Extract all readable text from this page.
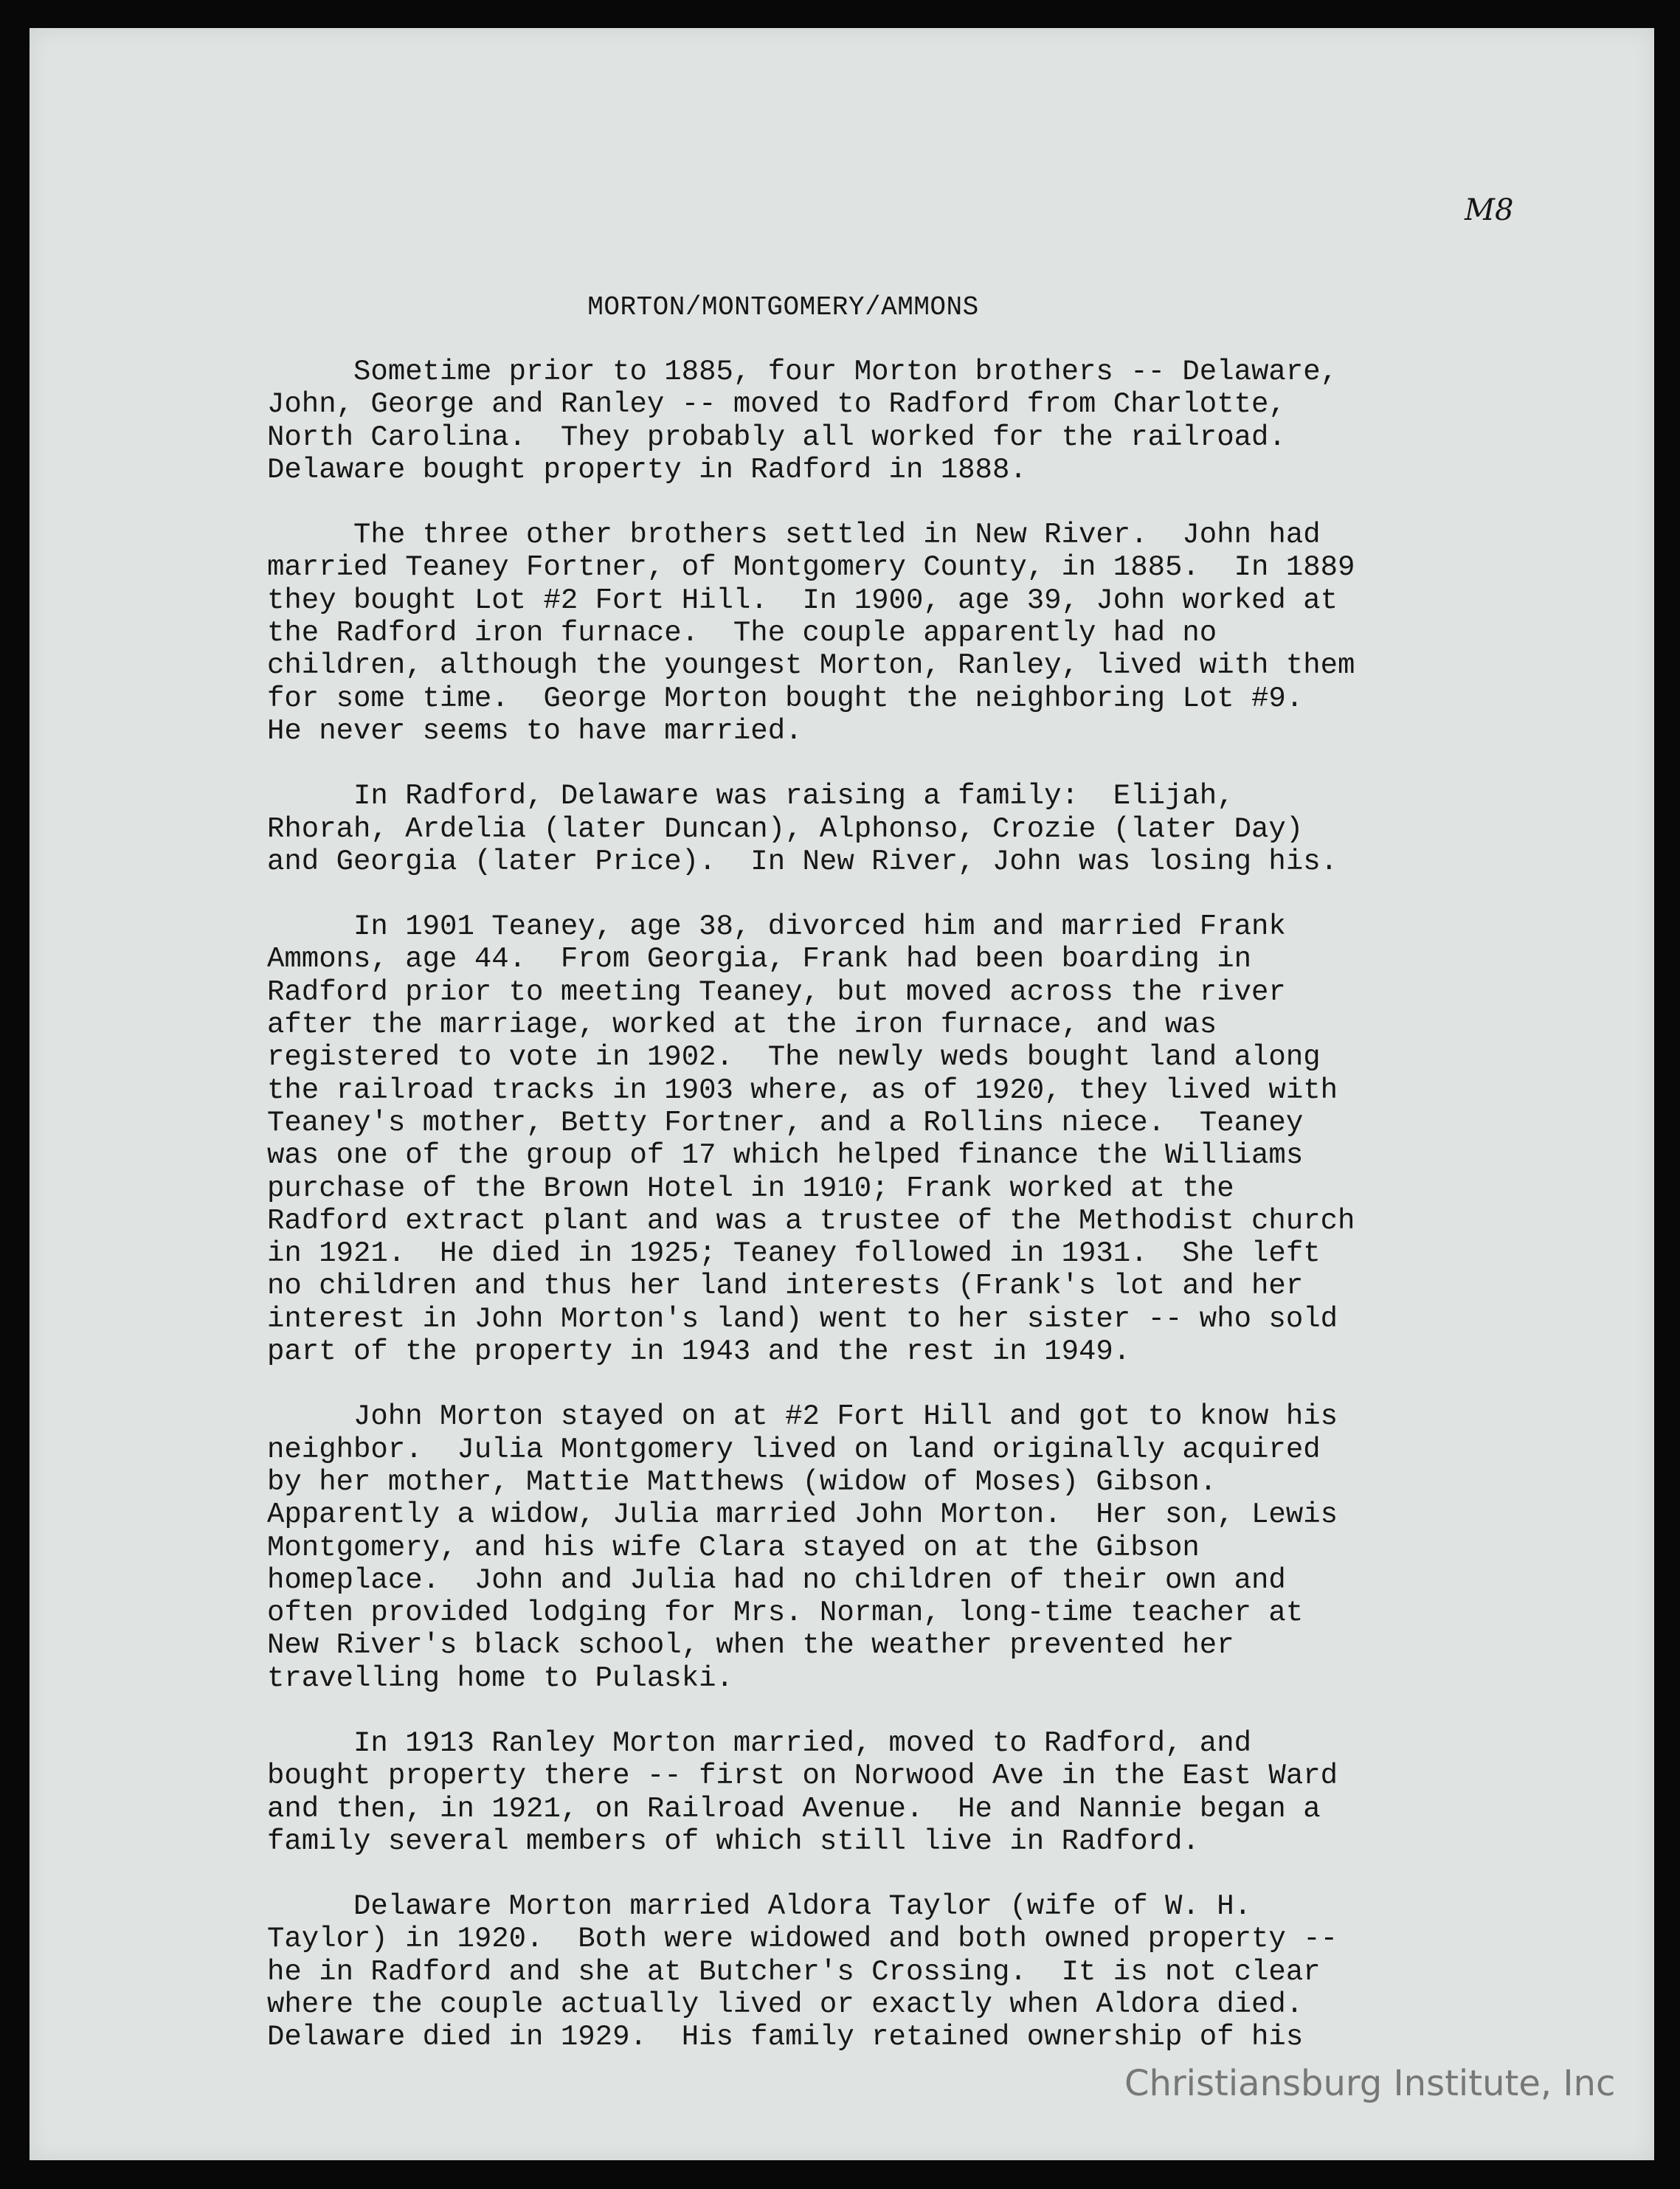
M8
MORTON/MONTGOMERY/AMMONS

Sometime prior to 1885, four Morton brothers -- Delaware,
John, George and Ranley -- moved to Radford from Charlotte,
North Carolina.  They probably all worked for the railroad.
Delaware bought property in Radford in 1888.

The three other brothers settled in New River.  John had
married Teaney Fortner, of Montgomery County, in 1885.  In 1889
they bought Lot #2 Fort Hill.  In 1900, age 39, John worked at
the Radford iron furnace.  The couple apparently had no
children, although the youngest Morton, Ranley, lived with them
for some time.  George Morton bought the neighboring Lot #9.
He never seems to have married.

In Radford, Delaware was raising a family:  Elijah,
Rhorah, Ardelia (later Duncan), Alphonso, Crozie (later Day)
and Georgia (later Price).  In New River, John was losing his.

In 1901 Teaney, age 38, divorced him and married Frank
Ammons, age 44.  From Georgia, Frank had been boarding in
Radford prior to meeting Teaney, but moved across the river
after the marriage, worked at the iron furnace, and was
registered to vote in 1902.  The newly weds bought land along
the railroad tracks in 1903 where, as of 1920, they lived with
Teaney's mother, Betty Fortner, and a Rollins niece.  Teaney
was one of the group of 17 which helped finance the Williams
purchase of the Brown Hotel in 1910; Frank worked at the
Radford extract plant and was a trustee of the Methodist church
in 1921.  He died in 1925; Teaney followed in 1931.  She left
no children and thus her land interests (Frank's lot and her
interest in John Morton's land) went to her sister -- who sold
part of the property in 1943 and the rest in 1949.

John Morton stayed on at #2 Fort Hill and got to know his
neighbor.  Julia Montgomery lived on land originally acquired
by her mother, Mattie Matthews (widow of Moses) Gibson.
Apparently a widow, Julia married John Morton.  Her son, Lewis
Montgomery, and his wife Clara stayed on at the Gibson
homeplace.  John and Julia had no children of their own and
often provided lodging for Mrs. Norman, long-time teacher at
New River's black school, when the weather prevented her
travelling home to Pulaski.

In 1913 Ranley Morton married, moved to Radford, and
bought property there -- first on Norwood Ave in the East Ward
and then, in 1921, on Railroad Avenue.  He and Nannie began a
family several members of which still live in Radford.

Delaware Morton married Aldora Taylor (wife of W. H.
Taylor) in 1920.  Both were widowed and both owned property --
he in Radford and she at Butcher's Crossing.  It is not clear
where the couple actually lived or exactly when Aldora died.
Delaware died in 1929.  His family retained ownership of his

Christiansburg Institute, Inc
